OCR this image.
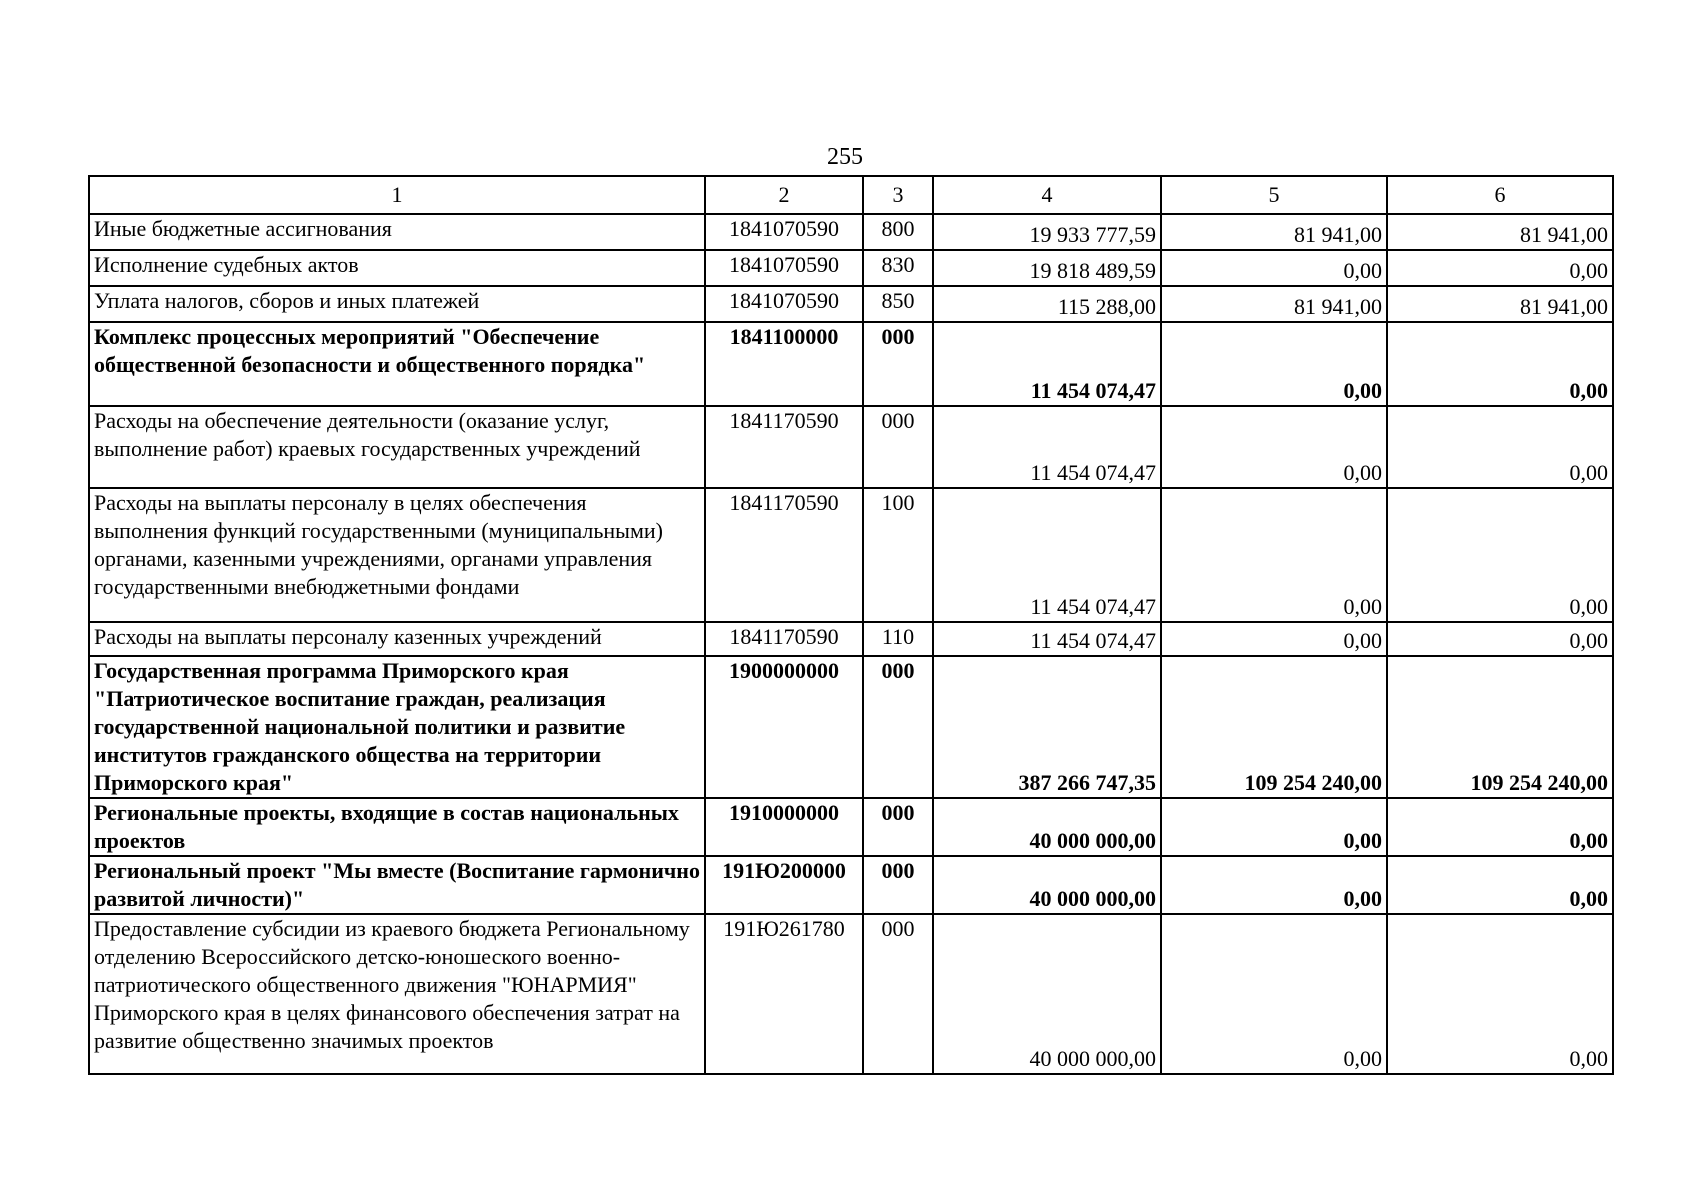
255
1	2	3	4	5	6
Иные бюджетные ассигнования	1841070590	800	19 933 777,59	81 941,00	81 941,00
Исполнение судебных актов	1841070590	830	19 818 489,59	0,00	0,00
Уплата налогов, сборов и иных платежей	1841070590	850	115 288,00	81 941,00	81 941,00
Комплекс процессных мероприятий "Обеспечение общественной безопасности и общественного порядка"	1841100000	000	11 454 074,47	0,00	0,00
Расходы на обеспечение деятельности (оказание услуг, выполнение работ) краевых государственных учреждений	1841170590	000	11 454 074,47	0,00	0,00
Расходы на выплаты персоналу в целях обеспечения выполнения функций государственными (муниципальными) органами, казенными учреждениями, органами управления государственными внебюджетными фондами	1841170590	100	11 454 074,47	0,00	0,00
Расходы на выплаты персоналу казенных учреждений	1841170590	110	11 454 074,47	0,00	0,00
Государственная программа Приморского края "Патриотическое воспитание граждан, реализация государственной национальной политики и развитие институтов гражданского общества на территории Приморского края"	1900000000	000	387 266 747,35	109 254 240,00	109 254 240,00
Региональные проекты, входящие в состав национальных проектов	1910000000	000	40 000 000,00	0,00	0,00
Региональный проект "Мы вместе (Воспитание гармонично развитой личности)"	191Ю200000	000	40 000 000,00	0,00	0,00
Предоставление субсидии из краевого бюджета Региональному отделению Всероссийского детско-юношеского военно-патриотического общественного движения "ЮНАРМИЯ" Приморского края в целях финансового обеспечения затрат на развитие общественно значимых проектов	191Ю261780	000	40 000 000,00	0,00	0,00
